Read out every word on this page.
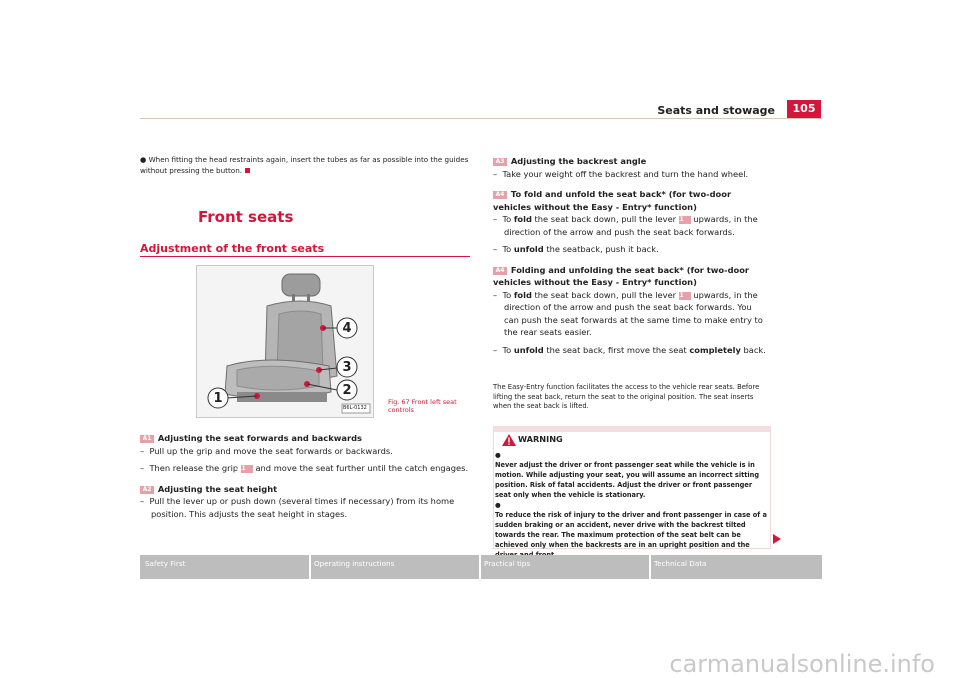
Seats and stowage	105

● When fitting the head restraints again, insert the tubes as far as possible into the guides without pressing the button.

Front seats
Adjustment of the front seats
4
3
2
1
B6L-0132
Fig. 67 Front left seat controls

A1 Adjusting the seat forwards and backwards

–  Pull up the grip and move the seat forwards or backwards.

–  Then release the grip A1 and move the seat further until the catch engages.

A2 Adjusting the seat height

–  Pull the lever up or push down (several times if necessary) from its home position. This adjusts the seat height in stages.

A3 Adjusting the backrest angle

–  Take your weight off the backrest and turn the hand wheel.

A4 To fold and unfold the seat back* (for two-door vehicles without the Easy - Entry* function)

–  To fold the seat back down, pull the lever A1 upwards, in the direction of the arrow and push the seat back forwards.

–  To unfold the seatback, push it back.

A4 Folding and unfolding the seat back* (for two-door vehicles without the Easy - Entry* function)

–  To fold the seat back down, pull the lever A1 upwards, in the direction of the arrow and push the seat back forwards. You can push the seat forwards at the same time to make entry to the rear seats easier.

–  To unfold the seat back, first move the seat completely back.

The Easy-Entry function facilitates the access to the vehicle rear seats. Before lifting the seat back, return the seat to the original position. The seat inserts when the seat back is lifted.
WARNING

●

Never adjust the driver or front passenger seat while the vehicle is in motion. While adjusting your seat, you will assume an incorrect sitting position. Risk of fatal accidents. Adjust the driver or front passenger seat only when the vehicle is stationary.

●

To reduce the risk of injury to the driver and front passenger in case of a sudden braking or an accident, never drive with the backrest tilted towards the rear. The maximum protection of the seat belt can be achieved only when the backrests are in an upright position and the

Safety First	Operating instructions	Practical tips	Technical Data
carmanualsonline.info
